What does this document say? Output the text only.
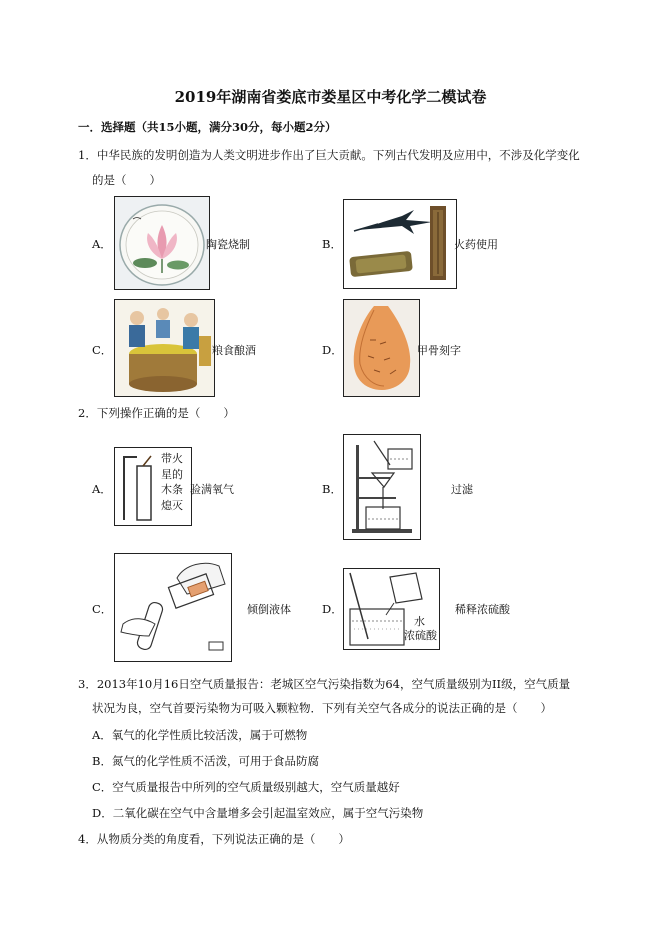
2019年湖南省娄底市娄星区中考化学二模试卷
一．选择题（共15小题，满分30分，每小题2分）
1．中华民族的发明创造为人类文明进步作出了巨大贡献。下列古代发明及应用中，不涉及化学变化
的是（　　）
A．	陶瓷烧制	B．	火药使用
C．	粮食酿酒	D．	甲骨刻字
2．下列操作正确的是（　　）
A．
带火
星的
木条
熄灭
验满氧气	B．	过滤
C．	倾倒液体	D．
水
浓硫酸
稀释浓硫酸
3．2013年10月16日空气质量报告：老城区空气污染指数为64，空气质量级别为II级，空气质量
状况为良，空气首要污染物为可吸入颗粒物．下列有关空气各成分的说法正确的是（　　）
A．氧气的化学性质比较活泼，属于可燃物
B．氮气的化学性质不活泼，可用于食品防腐
C．空气质量报告中所列的空气质量级别越大，空气质量越好
D．二氧化碳在空气中含量增多会引起温室效应，属于空气污染物
4．从物质分类的角度看，下列说法正确的是（　　）
